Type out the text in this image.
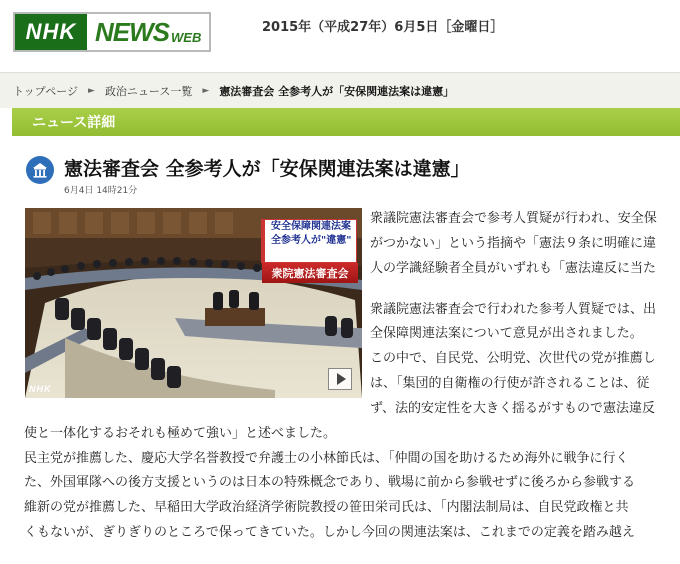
NHK NEWS WEB
2015年（平成27年）6月5日［金曜日］
トップページ ► 政治ニュース一覧 ► 憲法審査会 全参考人が「安保関連法案は違憲」
ニュース詳細
憲法審査会 全参考人が「安保関連法案は違憲」
6月4日 14時21分
安全保障関連法案
全参考人が"違憲"
衆院憲法審査会
NHK
衆議院憲法審査会で参考人質疑が行われ、安全保
がつかない」という指摘や「憲法９条に明確に違
人の学識経験者全員がいずれも「憲法違反に当た
衆議院憲法審査会で行われた参考人質疑では、出
全保障関連法案について意見が出されました。
この中で、自民党、公明党、次世代の党が推薦し
は、「集団的自衛権の行使が許されることは、従
ず、法的安定性を大きく揺るがすもので憲法違反
使と一体化するおそれも極めて強い」と述べました。
民主党が推薦した、慶応大学名誉教授で弁護士の小林節氏は、「仲間の国を助けるため海外に戦争に行く
た、外国軍隊への後方支援というのは日本の特殊概念であり、戦場に前から参戦せずに後ろから参戦する
維新の党が推薦した、早稲田大学政治経済学術院教授の笹田栄司氏は、「内閣法制局は、自民党政権と共
くもないが、ぎりぎりのところで保ってきていた。しかし今回の関連法案は、これまでの定義を踏み越え
